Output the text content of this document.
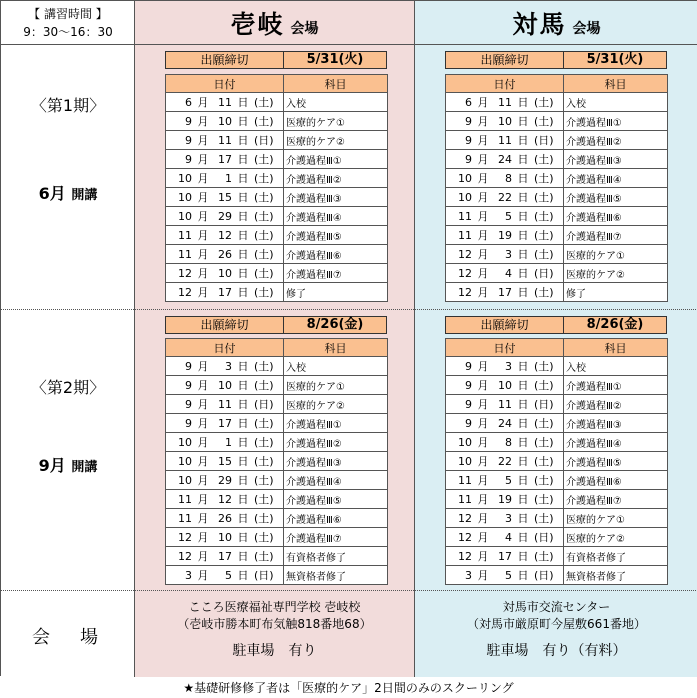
【 講習時間 】
9：30〜16：30
〈第1期〉
6月 開講
〈第2期〉
9月 開講
会　場
壱岐 会場
出願締切	5/31(火)
日付	科目
6 月 11 日 (土)	入校
9 月 10 日 (土)	医療的ケア①
9 月 11 日 (日)	医療的ケア②
9 月 17 日 (土)	介護過程Ⅲ①
10 月 1 日 (土)	介護過程Ⅲ②
10 月 15 日 (土)	介護過程Ⅲ③
10 月 29 日 (土)	介護過程Ⅲ④
11 月 12 日 (土)	介護過程Ⅲ⑤
11 月 26 日 (土)	介護過程Ⅲ⑥
12 月 10 日 (土)	介護過程Ⅲ⑦
12 月 17 日 (土)	修了
出願締切	8/26(金)
日付	科目
9 月 3 日 (土)	入校
9 月 10 日 (土)	医療的ケア①
9 月 11 日 (日)	医療的ケア②
9 月 17 日 (土)	介護過程Ⅲ①
10 月 1 日 (土)	介護過程Ⅲ②
10 月 15 日 (土)	介護過程Ⅲ③
10 月 29 日 (土)	介護過程Ⅲ④
11 月 12 日 (土)	介護過程Ⅲ⑤
11 月 26 日 (土)	介護過程Ⅲ⑥
12 月 10 日 (土)	介護過程Ⅲ⑦
12 月 17 日 (土)	有資格者修了
3 月 5 日 (日)	無資格者修了
こころ医療福祉専門学校 壱岐校
（壱岐市勝本町布気触818番地68）
駐車場　有り
対馬 会場
出願締切	5/31(火)
日付	科目
6 月 11 日 (土)	入校
9 月 10 日 (土)	介護過程Ⅲ①
9 月 11 日 (日)	介護過程Ⅲ②
9 月 24 日 (土)	介護過程Ⅲ③
10 月 8 日 (土)	介護過程Ⅲ④
10 月 22 日 (土)	介護過程Ⅲ⑤
11 月 5 日 (土)	介護過程Ⅲ⑥
11 月 19 日 (土)	介護過程Ⅲ⑦
12 月 3 日 (土)	医療的ケア①
12 月 4 日 (日)	医療的ケア②
12 月 17 日 (土)	修了
出願締切	8/26(金)
日付	科目
9 月 3 日 (土)	入校
9 月 10 日 (土)	介護過程Ⅲ①
9 月 11 日 (日)	介護過程Ⅲ②
9 月 24 日 (土)	介護過程Ⅲ③
10 月 8 日 (土)	介護過程Ⅲ④
10 月 22 日 (土)	介護過程Ⅲ⑤
11 月 5 日 (土)	介護過程Ⅲ⑥
11 月 19 日 (土)	介護過程Ⅲ⑦
12 月 3 日 (土)	医療的ケア①
12 月 4 日 (日)	医療的ケア②
12 月 17 日 (土)	有資格者修了
3 月 5 日 (日)	無資格者修了
対馬市交流センター
（対馬市厳原町今屋敷661番地）
駐車場　有り（有料）
★基礎研修修了者は「医療的ケア」2日間のみのスクーリング
